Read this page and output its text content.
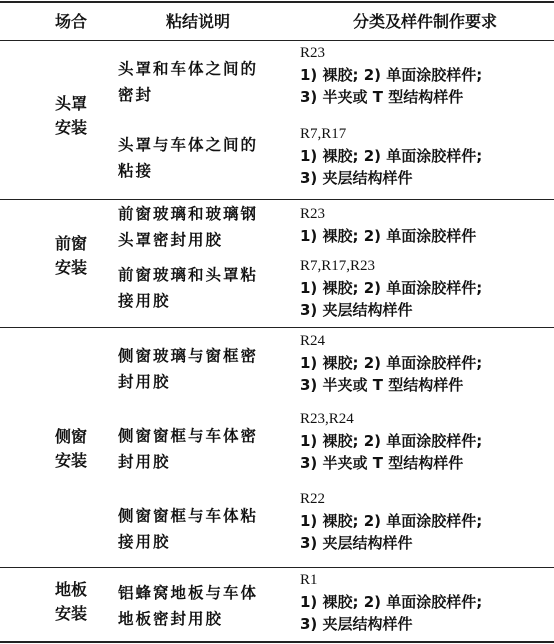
场合	粘结说明	分类及样件制作要求
头罩
安装
头罩和车体之间的
密封
R23
1) 裸胶; 2) 单面涂胶样件;
3) 半夹或 T 型结构样件
头罩与车体之间的
粘接
R7,R17
1) 裸胶; 2) 单面涂胶样件;
3) 夹层结构样件
前窗
安装
前窗玻璃和玻璃钢
头罩密封用胶
R23
1) 裸胶; 2) 单面涂胶样件
前窗玻璃和头罩粘
接用胶
R7,R17,R23
1) 裸胶; 2) 单面涂胶样件;
3) 夹层结构样件
侧窗
安装
侧窗玻璃与窗框密
封用胶
R24
1) 裸胶; 2) 单面涂胶样件;
3) 半夹或 T 型结构样件
侧窗窗框与车体密
封用胶
R23,R24
1) 裸胶; 2) 单面涂胶样件;
3) 半夹或 T 型结构样件
侧窗窗框与车体粘
接用胶
R22
1) 裸胶; 2) 单面涂胶样件;
3) 夹层结构样件
地板
安装
铝蜂窝地板与车体
地板密封用胶
R1
1) 裸胶; 2) 单面涂胶样件;
3) 夹层结构样件
